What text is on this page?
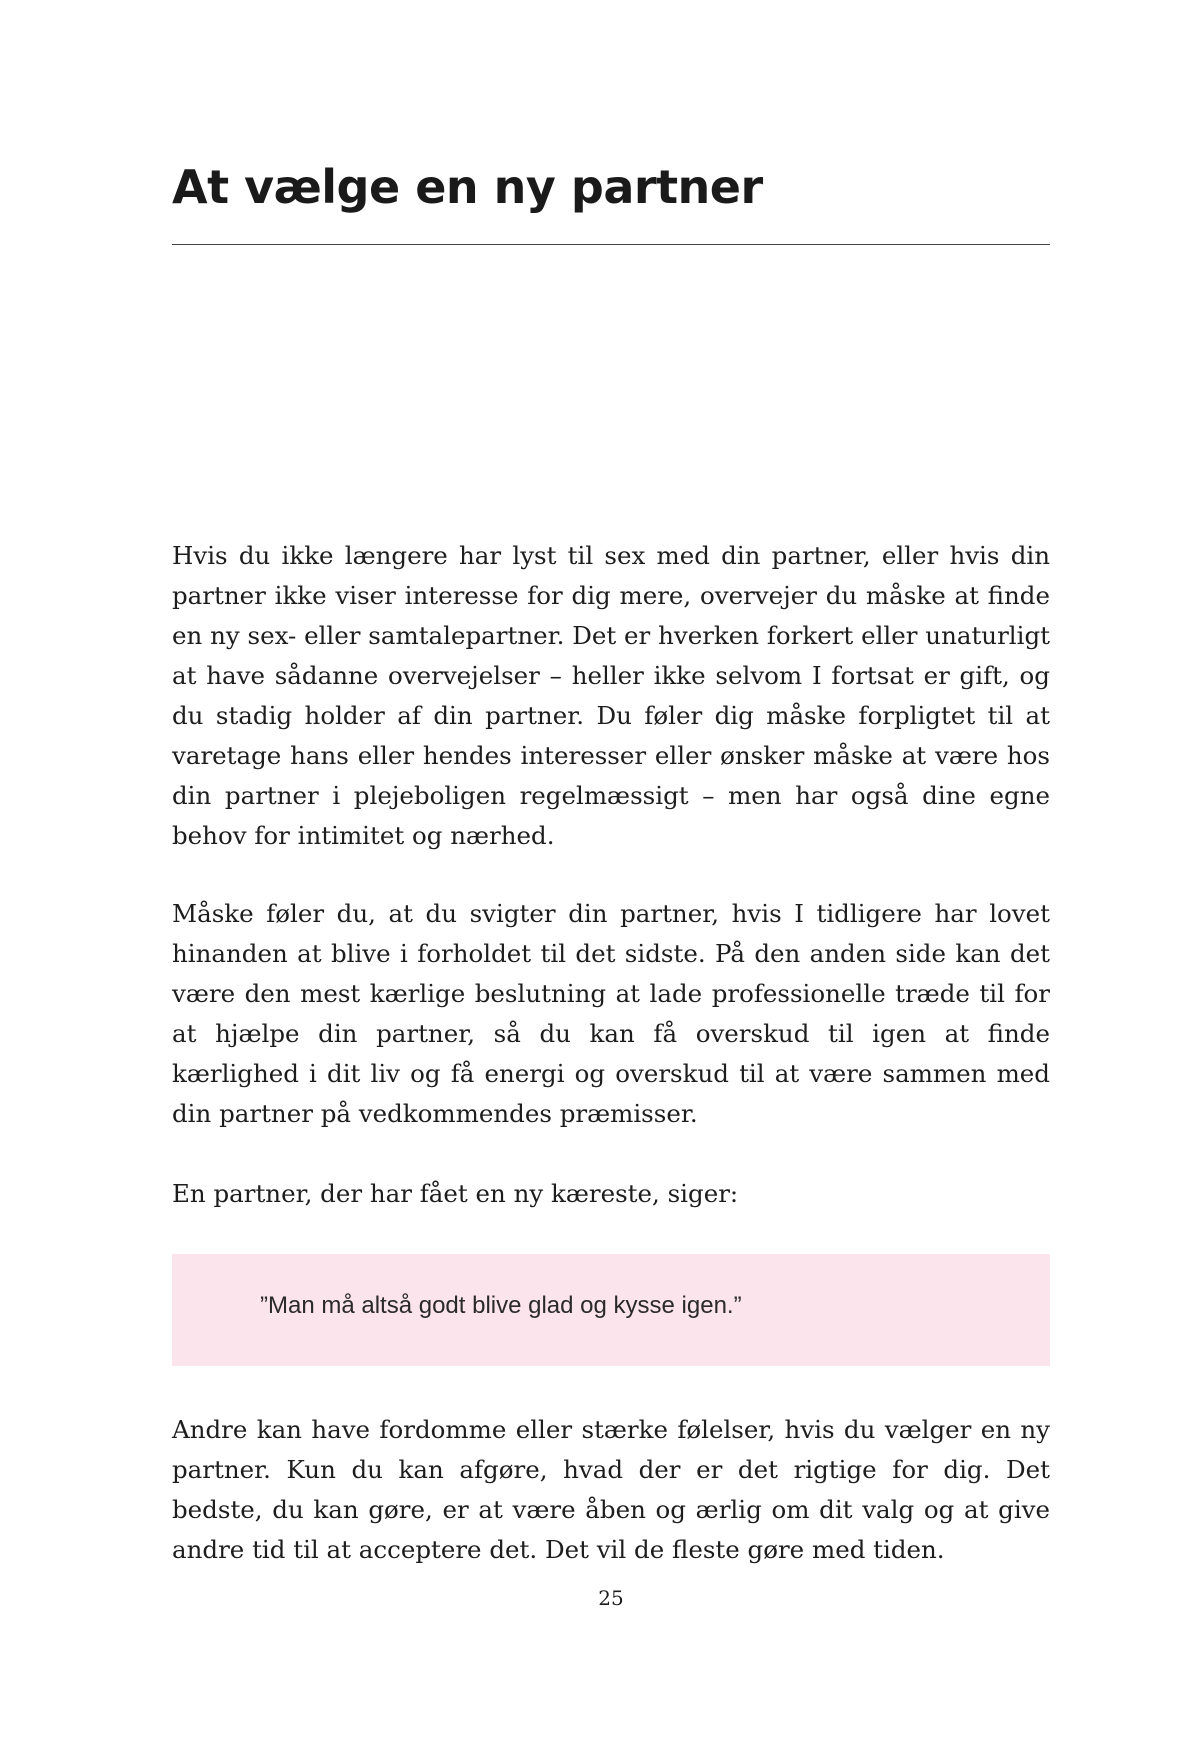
At vælge en ny partner

Hvis du ikke længere har lyst til sex med din partner, eller hvis din partner ikke viser interesse for dig mere, overvejer du måske at finde en ny sex- eller samtalepartner. Det er hverken forkert eller unaturligt at have sådanne overvejelser – heller ikke selvom I fortsat er gift, og du stadig holder af din partner. Du føler dig måske forpligtet til at varetage hans eller hendes interesser eller ønsker måske at være hos din partner i plejeboligen regelmæssigt – men har også dine egne behov for intimitet og nærhed.

Måske føler du, at du svigter din partner, hvis I tidligere har lovet hinanden at blive i forholdet til det sidste. På den anden side kan det være den mest kærlige beslutning at lade professionelle træde til for at hjælpe din partner, så du kan få overskud til igen at finde kærlighed i dit liv og få energi og overskud til at være sammen med din partner på vedkommendes præmisser.

En partner, der har fået en ny kæreste, siger:

”Man må altså godt blive glad og kysse igen.”

Andre kan have fordomme eller stærke følelser, hvis du vælger en ny partner. Kun du kan afgøre, hvad der er det rigtige for dig. Det bedste, du kan gøre, er at være åben og ærlig om dit valg og at give andre tid til at acceptere det. Det vil de fleste gøre med tiden.

25
